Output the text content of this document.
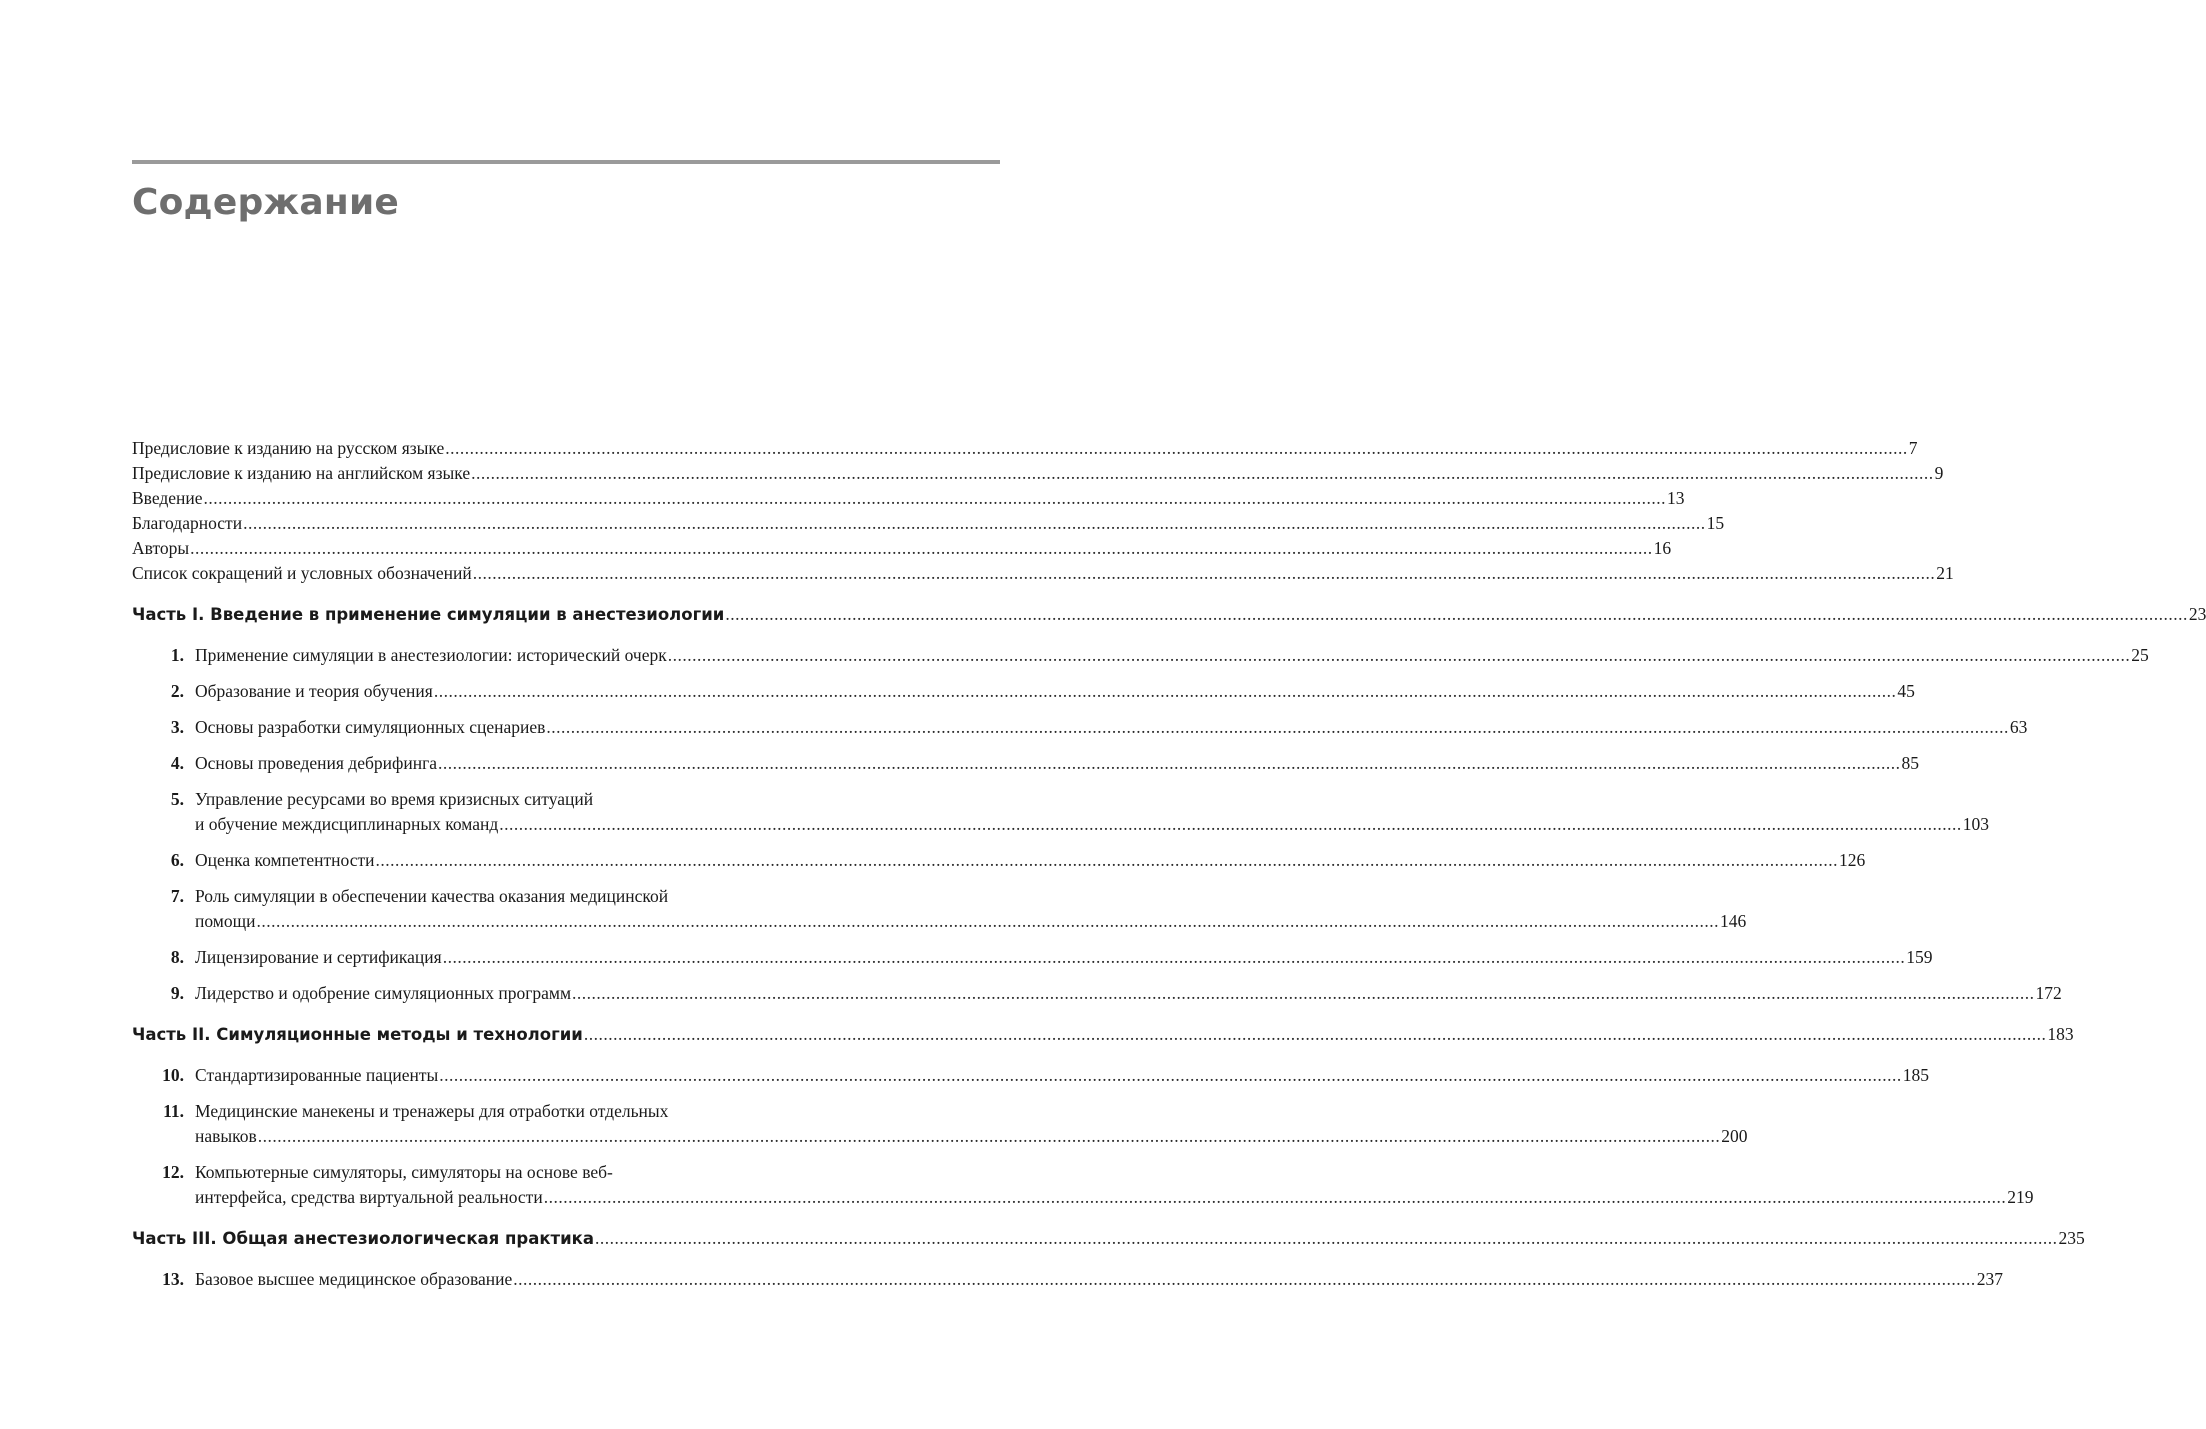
Содержание
Предисловие к изданию на русском языке .....	7
Предисловие к изданию на английском языке .....	9
Введение .....	13
Благодарности .....	15
Авторы .....	16
Список сокращений и условных обозначений .....	21
Часть I. Введение в применение симуляции в анестезиологии .....	23
1. Применение симуляции в анестезиологии: исторический очерк .....	25
2. Образование и теория обучения .....	45
3. Основы разработки симуляционных сценариев .....	63
4. Основы проведения дебрифинга .....	85
5. Управление ресурсами во время кризисных ситуаций
и обучение междисциплинарных команд .....	103
6. Оценка компетентности .....	126
7. Роль симуляции в обеспечении качества оказания медицинской
помощи .....	146
8. Лицензирование и сертификация .....	159
9. Лидерство и одобрение симуляционных программ .....	172
Часть II. Симуляционные методы и технологии .....	183
10. Стандартизированные пациенты .....	185
11. Медицинские манекены и тренажеры для отработки отдельных
навыков .....	200
12. Компьютерные симуляторы, симуляторы на основе веб-
интерфейса, средства виртуальной реальности .....	219
Часть III. Общая анестезиологическая практика .....	235
13. Базовое высшее медицинское образование .....	237
